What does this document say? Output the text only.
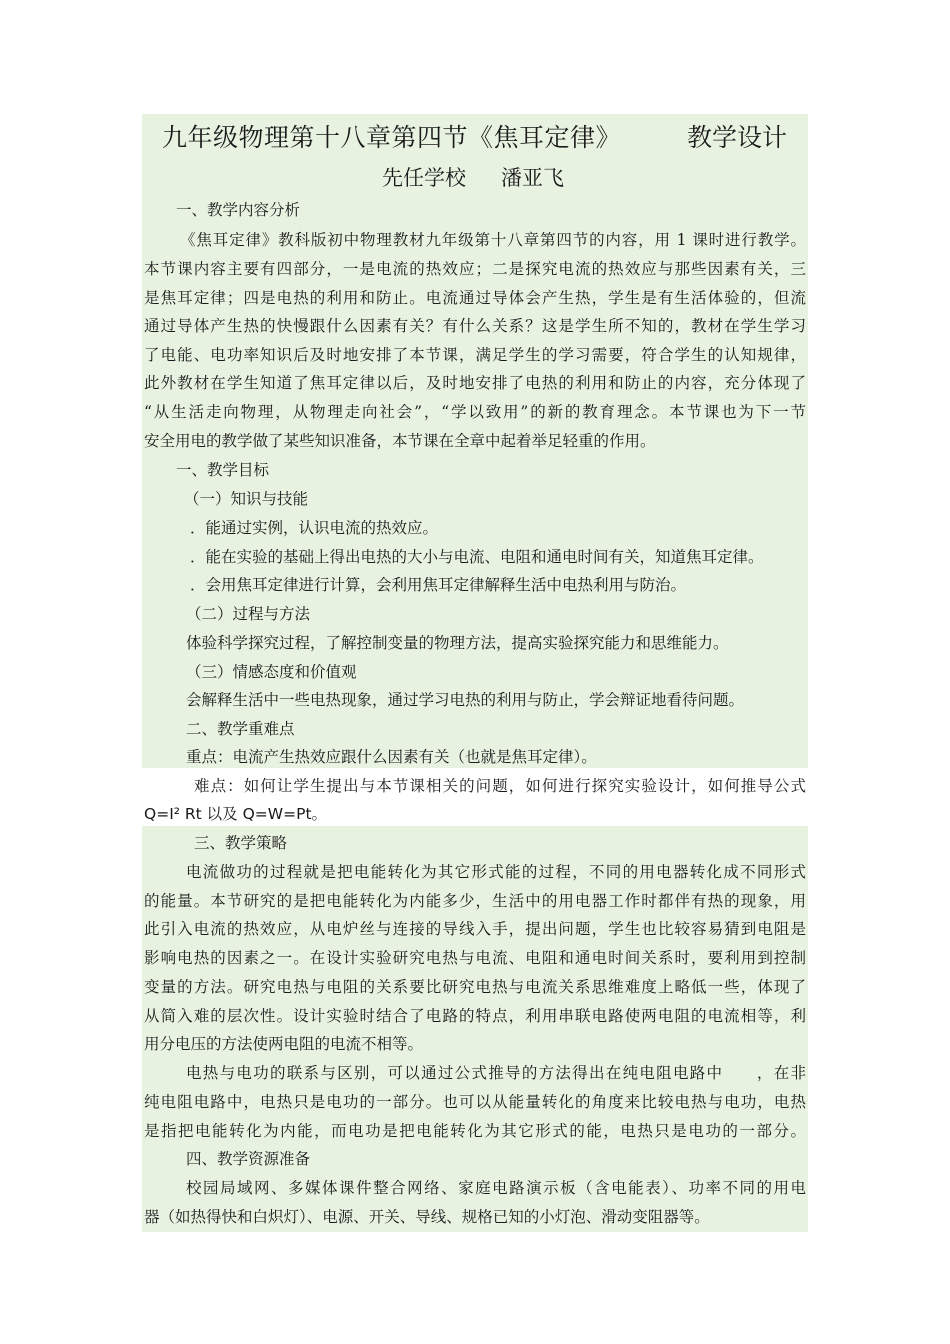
九年级物理第十八章第四节《焦耳定律》	教学设计
先任学校 潘亚飞
一、教学内容分析
《焦耳定律》教科版初中物理教材九年级第十八章第四节的内容，用 1 课时进行教学。
本节课内容主要有四部分，一是电流的热效应；二是探究电流的热效应与那些因素有关，三
是焦耳定律；四是电热的利用和防止。电流通过导体会产生热，学生是有生活体验的，但流
通过导体产生热的快慢跟什么因素有关？有什么关系？这是学生所不知的，教材在学生学习
了电能、电功率知识后及时地安排了本节课，满足学生的学习需要，符合学生的认知规律，
此外教材在学生知道了焦耳定律以后，及时地安排了电热的利用和防止的内容，充分体现了
“从生活走向物理，从物理走向社会”，“学以致用”的新的教育理念。本节课也为下一节
安全用电的教学做了某些知识准备，本节课在全章中起着举足轻重的作用。
一、教学目标
（一）知识与技能
．能通过实例，认识电流的热效应。
．能在实验的基础上得出电热的大小与电流、电阻和通电时间有关，知道焦耳定律。
．会用焦耳定律进行计算，会利用焦耳定律解释生活中电热利用与防治。
（二）过程与方法
体验科学探究过程，了解控制变量的物理方法，提高实验探究能力和思维能力。
（三）情感态度和价值观
会解释生活中一些电热现象，通过学习电热的利用与防止，学会辩证地看待问题。
二、教学重难点
重点：电流产生热效应跟什么因素有关（也就是焦耳定律）。
难点：如何让学生提出与本节课相关的问题，如何进行探究实验设计，如何推导公式
Q=I² Rt 以及 Q=W=Pt。
三、教学策略
电流做功的过程就是把电能转化为其它形式能的过程，不同的用电器转化成不同形式
的能量。本节研究的是把电能转化为内能多少，生活中的用电器工作时都伴有热的现象，用
此引入电流的热效应，从电炉丝与连接的导线入手，提出问题，学生也比较容易猜到电阻是
影响电热的因素之一。在设计实验研究电热与电流、电阻和通电时间关系时，要利用到控制
变量的方法。研究电热与电阻的关系要比研究电热与电流关系思维难度上略低一些，体现了
从简入难的层次性。设计实验时结合了电路的特点，利用串联电路使两电阻的电流相等，利
用分电压的方法使两电阻的电流不相等。
电热与电功的联系与区别，可以通过公式推导的方法得出在纯电阻电路中　　，在非
纯电阻电路中，电热只是电功的一部分。也可以从能量转化的角度来比较电热与电功，电热
是指把电能转化为内能，而电功是把电能转化为其它形式的能，电热只是电功的一部分。
四、教学资源准备
校园局域网、多媒体课件整合网络、家庭电路演示板（含电能表）、功率不同的用电
器（如热得快和白炽灯）、电源、开关、导线、规格已知的小灯泡、滑动变阻器等。
